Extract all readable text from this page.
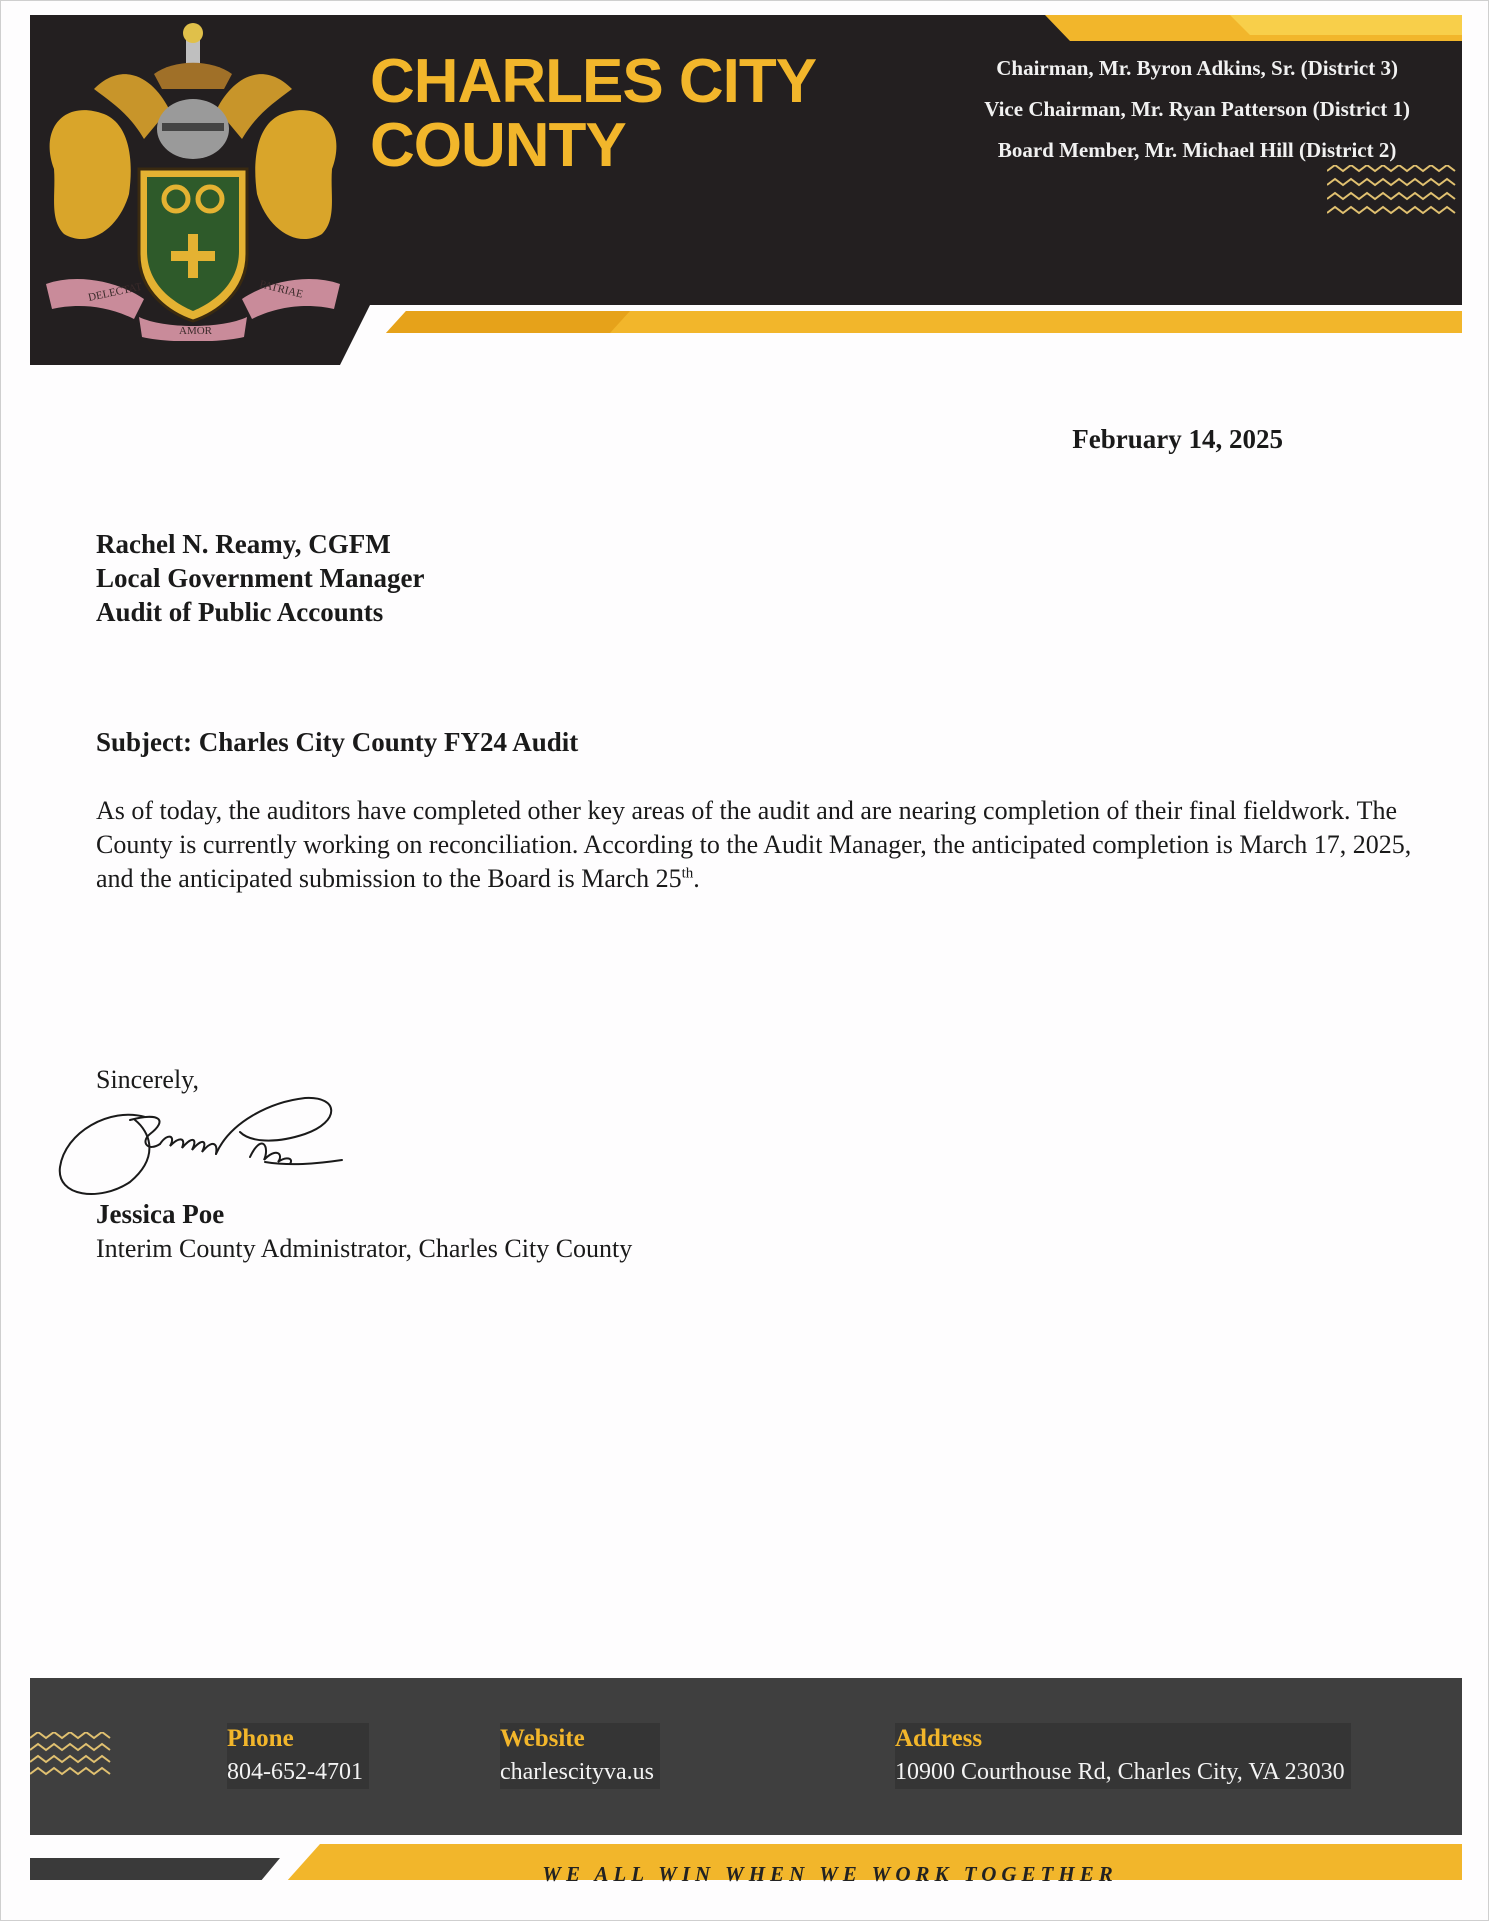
DELECTAT	PATRIAE
AMOR
CHARLES CITY
COUNTY
Chairman, Mr. Byron Adkins, Sr. (District 3)
Vice Chairman, Mr. Ryan Patterson (District 1)
Board Member, Mr. Michael Hill (District 2)
February 14, 2025
Rachel N. Reamy, CGFM
Local Government Manager
Audit of Public Accounts
Subject: Charles City County FY24 Audit

As of today, the auditors have completed other key areas of the audit and are nearing completion of their final fieldwork. The County is currently working on reconciliation. According to the Audit Manager, the anticipated completion is March 17, 2025, and the anticipated submission to the Board is March 25th.

Sincerely,
Jessica Poe
Interim County Administrator, Charles City County
Phone
804-652-4701
Website
charlescityva.us
Address
10900 Courthouse Rd, Charles City, VA 23030
WE ALL WIN WHEN WE WORK TOGETHER
